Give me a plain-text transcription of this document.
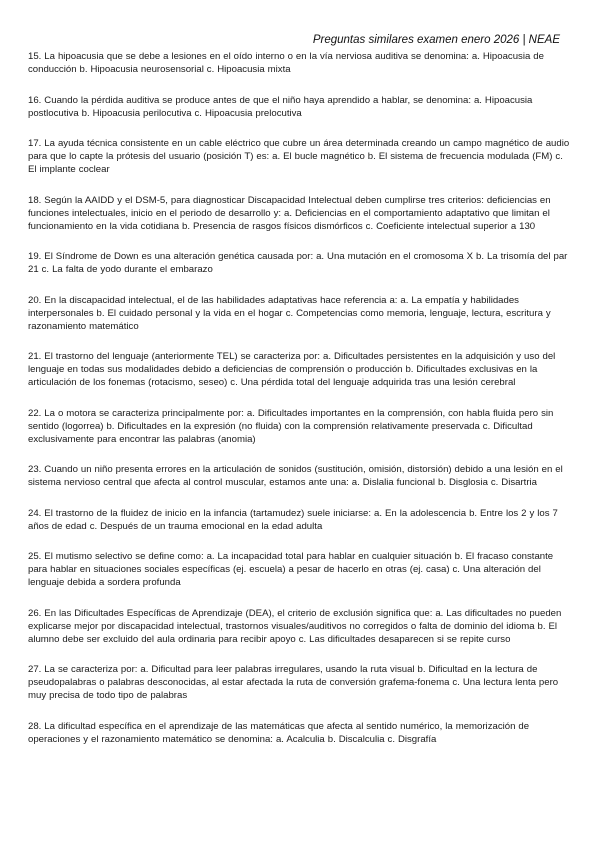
Preguntas similares examen enero 2026 | NEAE

15. La hipoacusia que se debe a lesiones en el oído interno o en la vía nerviosa auditiva se denomina: a. Hipoacusia de conducción b. Hipoacusia neurosensorial c. Hipoacusia mixta

16. Cuando la pérdida auditiva se produce antes de que el niño haya aprendido a hablar, se denomina: a. Hipoacusia postlocutiva b. Hipoacusia perilocutiva c. Hipoacusia prelocutiva

17. La ayuda técnica consistente en un cable eléctrico que cubre un área determinada creando un campo magnético de audio para que lo capte la prótesis del usuario (posición T) es: a. El bucle magnético b. El sistema de frecuencia modulada (FM) c. El implante coclear

18. Según la AAIDD y el DSM-5, para diagnosticar Discapacidad Intelectual deben cumplirse tres criterios: deficiencias en funciones intelectuales, inicio en el periodo de desarrollo y: a. Deficiencias en el comportamiento adaptativo que limitan el funcionamiento en la vida cotidiana b. Presencia de rasgos físicos dismórficos c. Coeficiente intelectual superior a 130

19. El Síndrome de Down es una alteración genética causada por: a. Una mutación en el cromosoma X b. La trisomía del par 21 c. La falta de yodo durante el embarazo

20. En la discapacidad intelectual, el de las habilidades adaptativas hace referencia a: a. La empatía y habilidades interpersonales b. El cuidado personal y la vida en el hogar c. Competencias como memoria, lenguaje, lectura, escritura y razonamiento matemático

21. El trastorno del lenguaje (anteriormente TEL) se caracteriza por: a. Dificultades persistentes en la adquisición y uso del lenguaje en todas sus modalidades debido a deficiencias de comprensión o producción b. Dificultades exclusivas en la articulación de los fonemas (rotacismo, seseo) c. Una pérdida total del lenguaje adquirida tras una lesión cerebral

22. La o motora se caracteriza principalmente por: a. Dificultades importantes en la comprensión, con habla fluida pero sin sentido (logorrea) b. Dificultades en la expresión (no fluida) con la comprensión relativamente preservada c. Dificultad exclusivamente para encontrar las palabras (anomia)

23. Cuando un niño presenta errores en la articulación de sonidos (sustitución, omisión, distorsión) debido a una lesión en el sistema nervioso central que afecta al control muscular, estamos ante una: a. Dislalia funcional b. Disglosia c. Disartria

24. El trastorno de la fluidez de inicio en la infancia (tartamudez) suele iniciarse: a. En la adolescencia b. Entre los 2 y los 7 años de edad c. Después de un trauma emocional en la edad adulta

25. El mutismo selectivo se define como: a. La incapacidad total para hablar en cualquier situación b. El fracaso constante para hablar en situaciones sociales específicas (ej. escuela) a pesar de hacerlo en otras (ej. casa) c. Una alteración del lenguaje debida a sordera profunda

26. En las Dificultades Específicas de Aprendizaje (DEA), el criterio de exclusión significa que: a. Las dificultades no pueden explicarse mejor por discapacidad intelectual, trastornos visuales/auditivos no corregidos o falta de dominio del idioma b. El alumno debe ser excluido del aula ordinaria para recibir apoyo c. Las dificultades desaparecen si se repite curso

27. La se caracteriza por: a. Dificultad para leer palabras irregulares, usando la ruta visual b. Dificultad en la lectura de pseudopalabras o palabras desconocidas, al estar afectada la ruta de conversión grafema-fonema c. Una lectura lenta pero muy precisa de todo tipo de palabras

28. La dificultad específica en el aprendizaje de las matemáticas que afecta al sentido numérico, la memorización de operaciones y el razonamiento matemático se denomina: a. Acalculia b. Discalculia c. Disgrafía
